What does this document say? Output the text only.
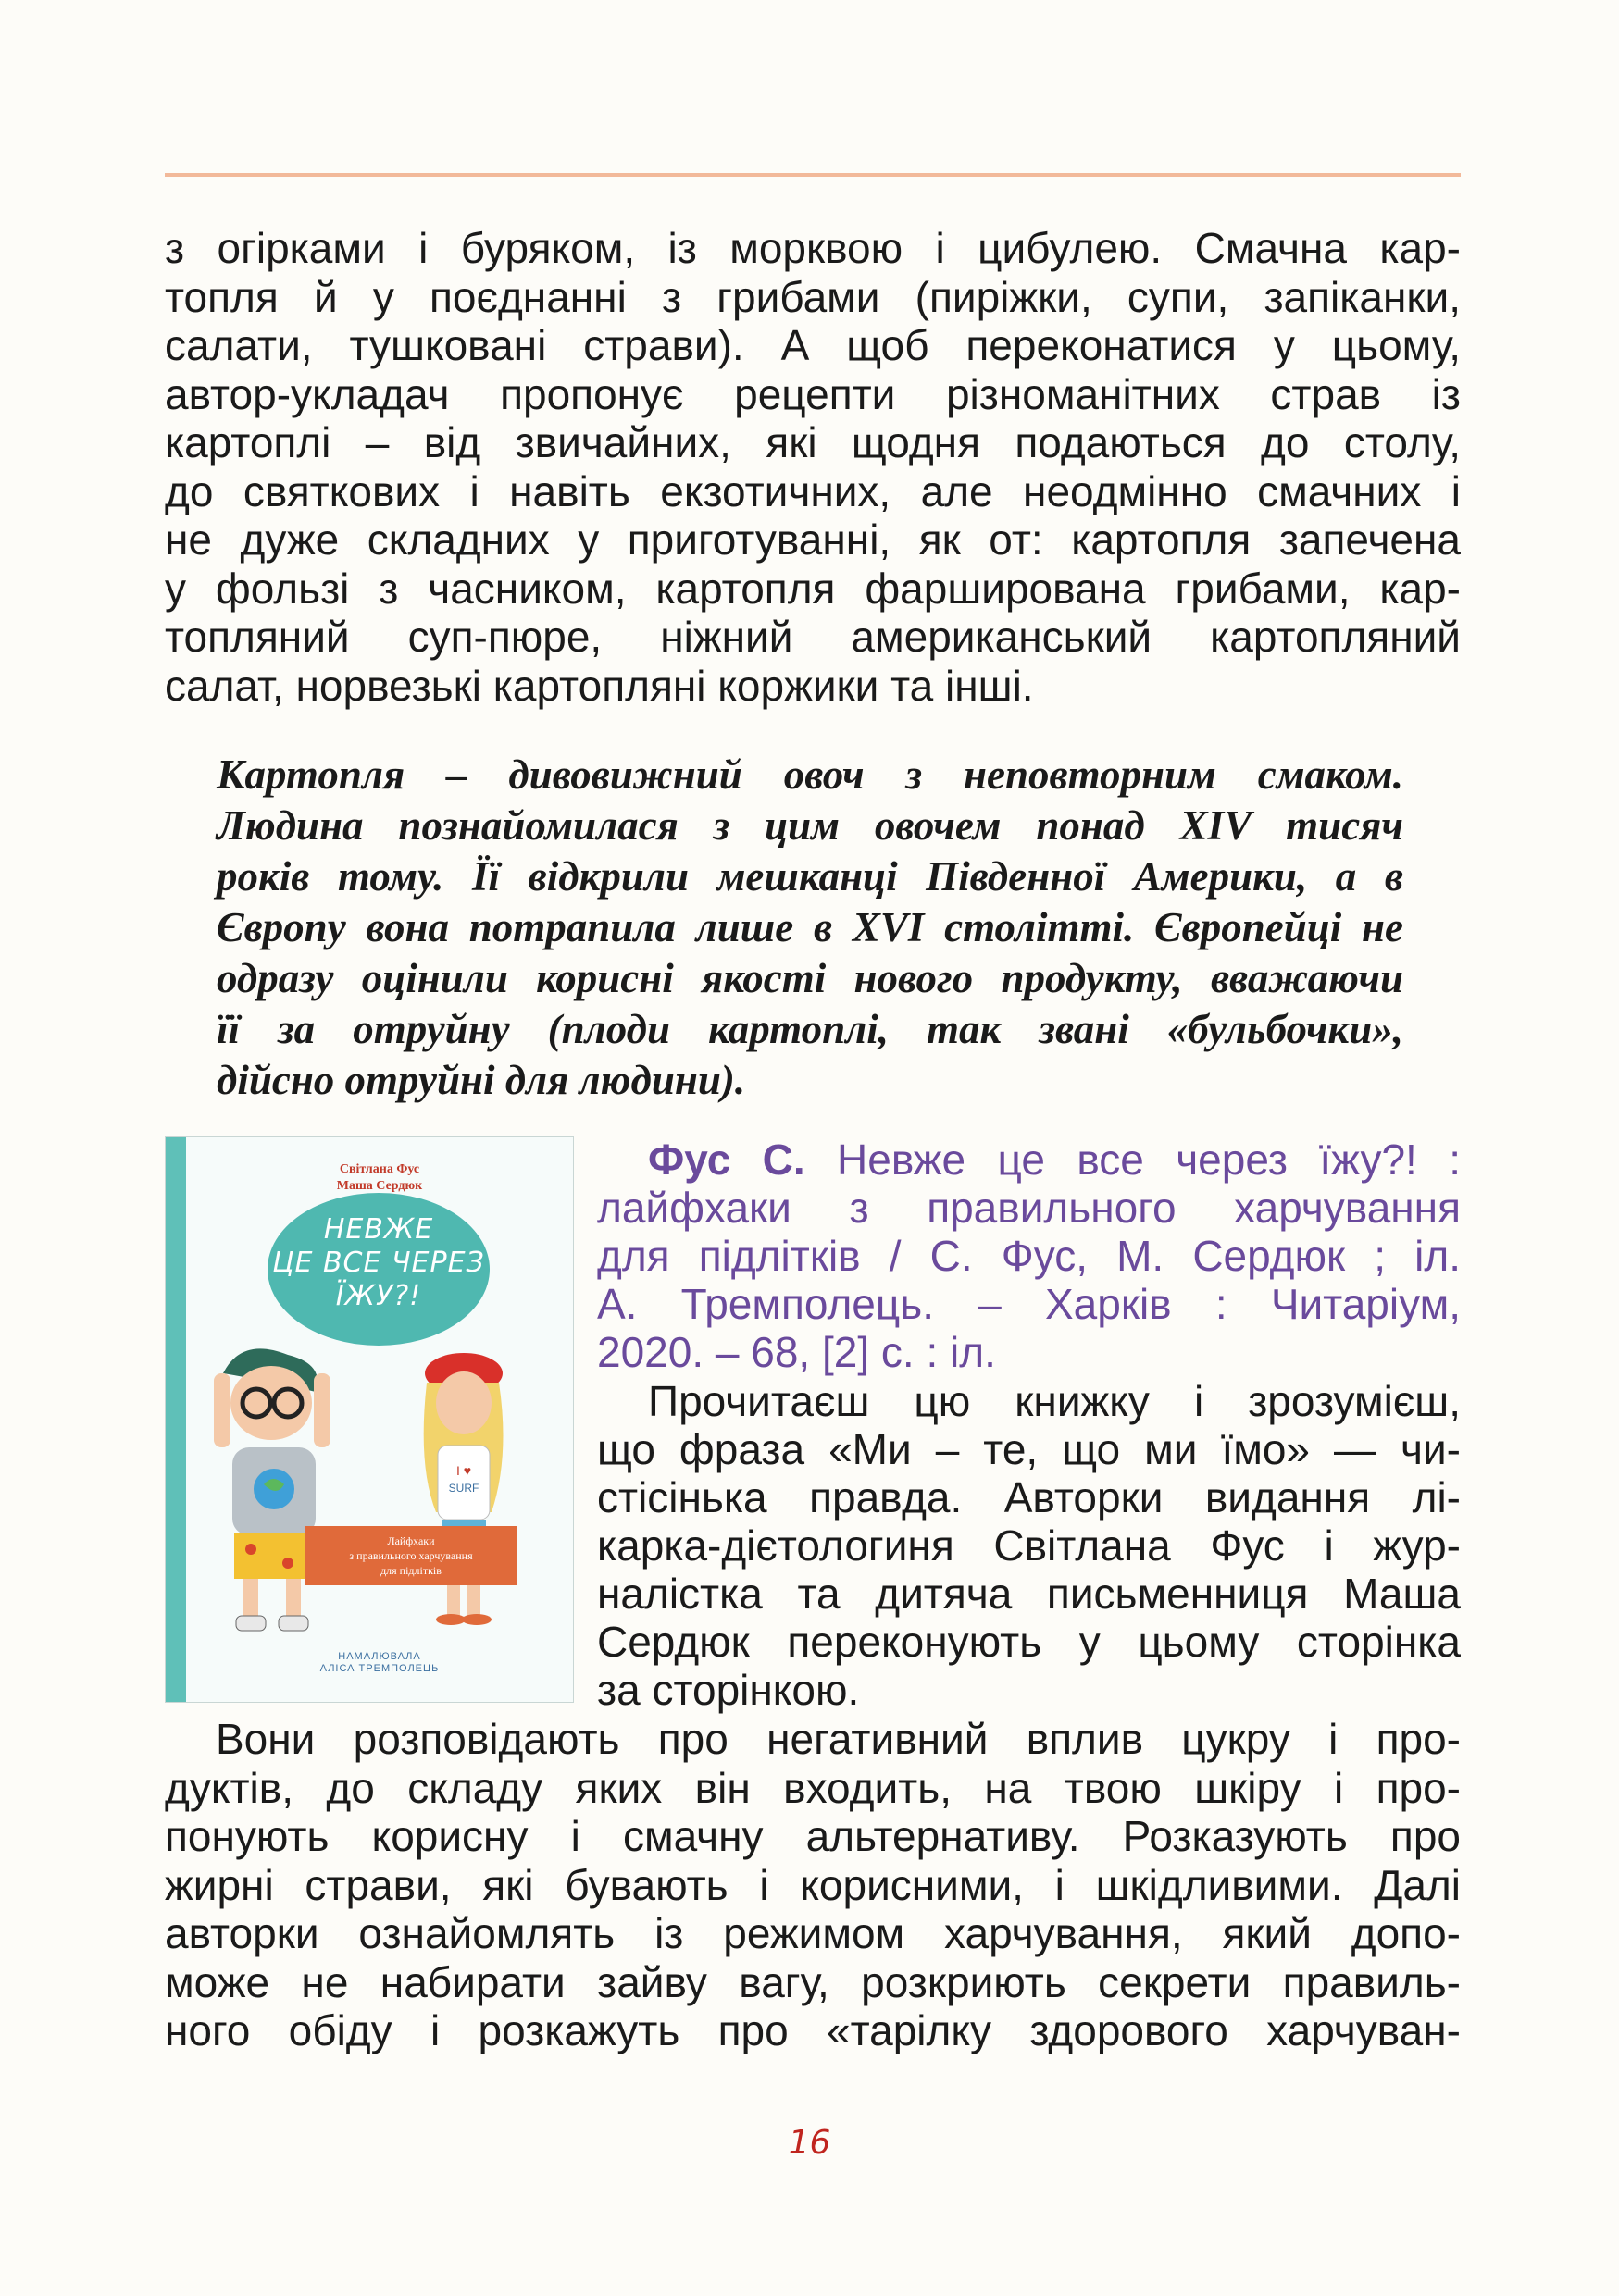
з огірками і буряком, із морквою і цибулею. Смачна кар-
топля й у поєднанні з грибами (пиріжки, супи, запіканки,
салати, тушковані страви). А щоб переконатися у цьому,
автор-укладач пропонує рецепти різноманітних страв із
картоплі – від звичайних, які щодня подаються до столу,
до святкових і навіть екзотичних, але неодмінно смачних і
не дуже складних у приготуванні, як от: картопля запечена
у фользі з часником, картопля фарширована грибами, кар-
топляний суп-пюре, ніжний американський картопляний
салат, норвезькі картопляні коржики та інші.
Картопля – дивовижний овоч з неповторним смаком.
Людина познайомилася з цим овочем понад XIV тисяч
років тому. Її відкрили мешканці Південної Америки, а в
Європу вона потрапила лише в XVI столітті. Європейці не
одразу оцінили корисні якості нового продукту, вважаючи
її за отруйну (плоди картоплі, так звані «бульбочки»,
дійсно отруйні для людини).
Світлана Фус
Маша Сердюк
НЕВЖЕ
ЦЕ ВСЕ ЧЕРЕЗ
ЇЖУ?!
I ♥
SURF
Лайфхаки
з правильного харчування
для підлітків
НАМАЛЮВАЛА
АЛІСА ТРЕМПОЛЕЦЬ
Фус С. Невже це все через їжу?! :
лайфхаки з правильного харчування
для підлітків / С. Фус, М. Сердюк ; іл.
А. Тремполець. – Харків : Читаріум,
2020. – 68, [2] с. : іл.
Прочитаєш цю книжку і зрозумієш,
що фраза «Ми – те, що ми їмо» — чи-
стісінька правда. Авторки видання лі-
карка-дієтологиня Світлана Фус і жур-
налістка та дитяча письменниця Маша
Сердюк переконують у цьому сторінка
за сторінкою.
Вони розповідають про негативний вплив цукру і про-
дуктів, до складу яких він входить, на твою шкіру і про-
понують корисну і смачну альтернативу. Розказують про
жирні страви, які бувають і корисними, і шкідливими. Далі
авторки ознайомлять із режимом харчування, який допо-
може не набирати зайву вагу, розкриють секрети правиль-
ного обіду і розкажуть про «тарілку здорового харчуван-
16
